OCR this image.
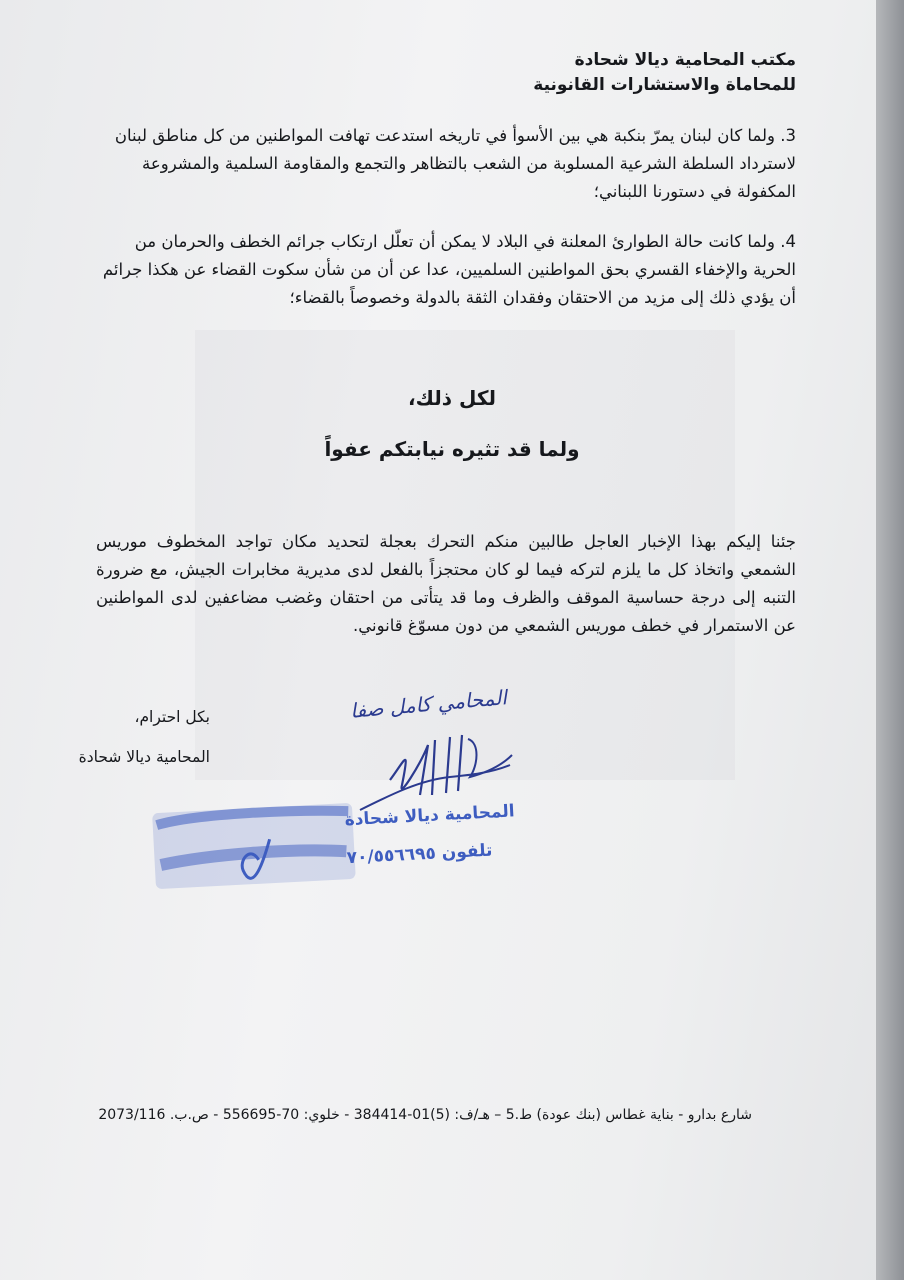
مكتب المحامية ديالا شحادة
للمحاماة والاستشارات القانونية
3. ولما كان لبنان يمرّ بنكبة هي بين الأسوأ في تاريخه استدعت تهافت المواطنين من كل مناطق لبنان لاسترداد السلطة الشرعية المسلوبة من الشعب بالتظاهر والتجمع والمقاومة السلمية والمشروعة المكفولة في دستورنا اللبناني؛
4. ولما كانت حالة الطوارئ المعلنة في البلاد لا يمكن أن تعلّل ارتكاب جرائم الخطف والحرمان من الحرية والإخفاء القسري بحق المواطنين السلميين، عدا عن أن من شأن سكوت القضاء عن هكذا جرائم أن يؤدي ذلك إلى مزيد من الاحتقان وفقدان الثقة بالدولة وخصوصاً بالقضاء؛
لكل ذلك،
ولما قد تثيره نيابتكم عفواً
جئنا إليكم بهذا الإخبار العاجل طالبين منكم التحرك بعجلة لتحديد مكان تواجد المخطوف موريس الشمعي واتخاذ كل ما يلزم لتركه فيما لو كان محتجزاً بالفعل لدى مديرية مخابرات الجيش، مع ضرورة التنبه إلى درجة حساسية الموقف والظرف وما قد يتأتى من احتقان وغضب مضاعفين لدى المواطنين عن الاستمرار في خطف موريس الشمعي من دون مسوّغ قانوني.
بكل احترام،
المحامية ديالا شحادة
المحامي كامل صفا
المحامية ديالا شحادة
تلفون ٧٠/٥٥٦٦٩٥
شارع بدارو - بناية غطاس (بنك عودة) ط.5 – هـ/ف: (5)01-384414 - خلوي: 70-556695 - ص.ب. 2073/116
